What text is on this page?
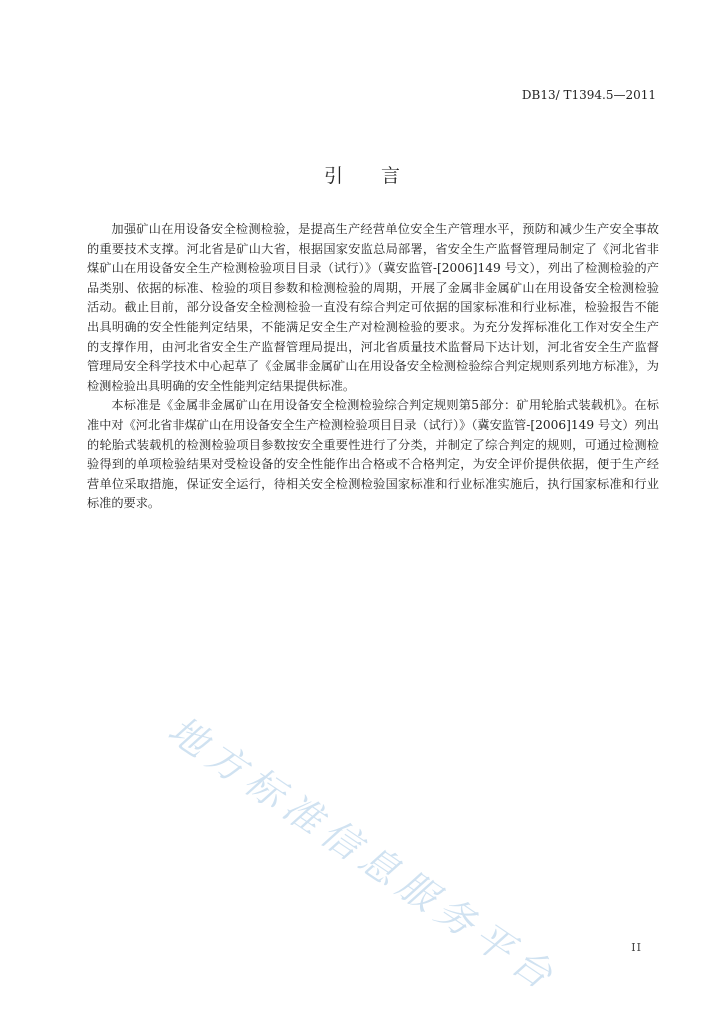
DB13/ T1394.5—2011
引　　言

加强矿山在用设备安全检测检验，是提高生产经营单位安全生产管理水平，预防和减少生产安全事故的重要技术支撑。河北省是矿山大省，根据国家安监总局部署，省安全生产监督管理局制定了《河北省非煤矿山在用设备安全生产检测检验项目目录（试行）》（冀安监管-[2006]149 号文），列出了检测检验的产品类别、依据的标准、检验的项目参数和检测检验的周期，开展了金属非金属矿山在用设备安全检测检验活动。截止目前，部分设备安全检测检验一直没有综合判定可依据的国家标准和行业标准，检验报告不能出具明确的安全性能判定结果，不能满足安全生产对检测检验的要求。为充分发挥标准化工作对安全生产的支撑作用，由河北省安全生产监督管理局提出，河北省质量技术监督局下达计划，河北省安全生产监督管理局安全科学技术中心起草了《金属非金属矿山在用设备安全检测检验综合判定规则系列地方标准》，为检测检验出具明确的安全性能判定结果提供标准。

本标准是《金属非金属矿山在用设备安全检测检验综合判定规则第5部分：矿用轮胎式装载机》。在标准中对《河北省非煤矿山在用设备安全生产检测检验项目目录（试行）》（冀安监管-[2006]149 号文）列出的轮胎式装载机的检测检验项目参数按安全重要性进行了分类，并制定了综合判定的规则，可通过检测检验得到的单项检验结果对受检设备的安全性能作出合格或不合格判定，为安全评价提供依据，便于生产经营单位采取措施，保证安全运行，待相关安全检测检验国家标准和行业标准实施后，执行国家标准和行业标准的要求。

地方标准信息服务平台	II
